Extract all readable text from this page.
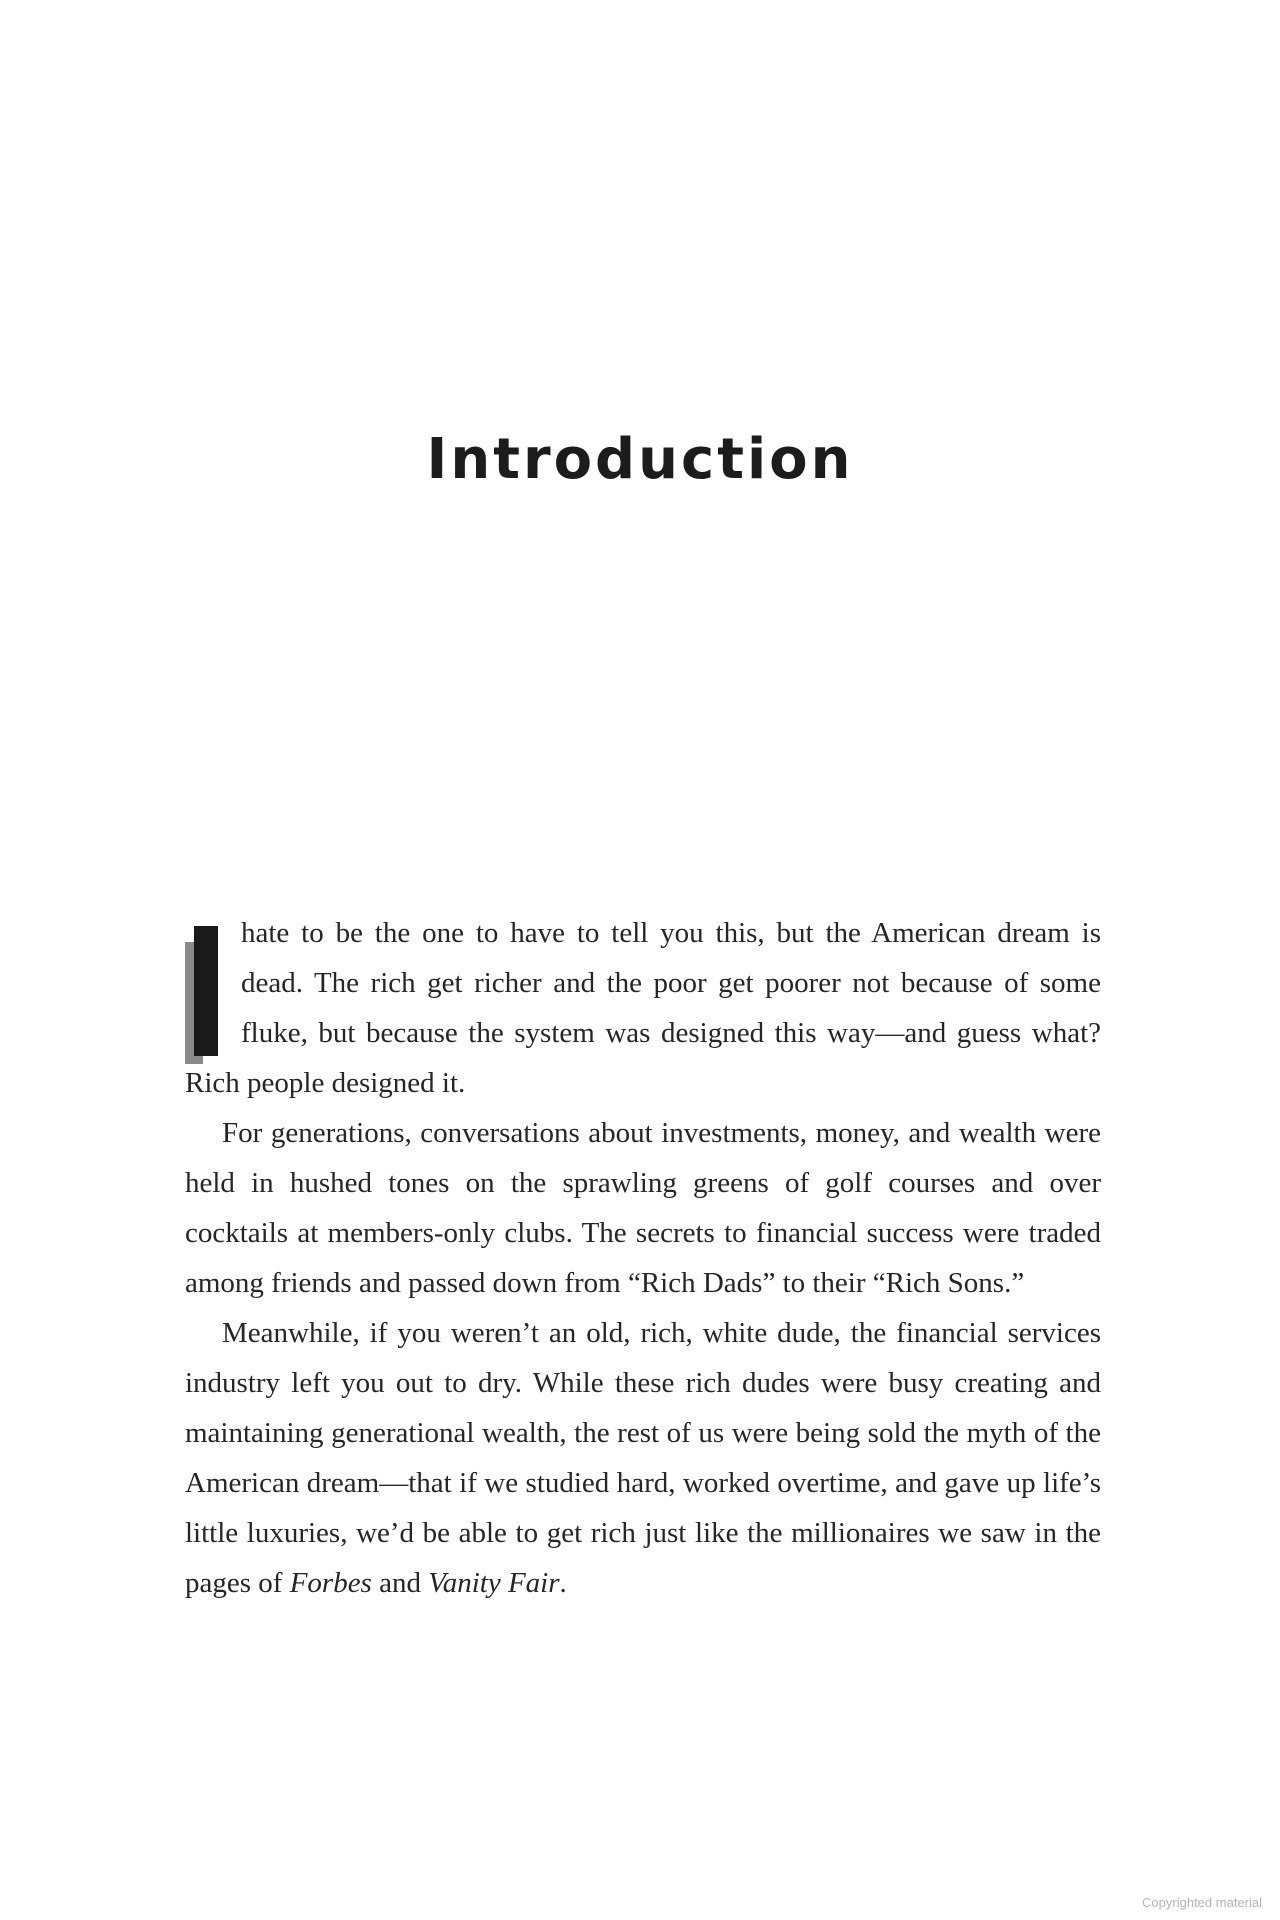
Introduction

hate to be the one to have to tell you this, but the American dream is dead. The rich get richer and the poor get poorer not because of some fluke, but because the system was designed this way—and guess what? Rich people designed it.

For generations, conversations about investments, money, and wealth were held in hushed tones on the sprawling greens of golf courses and over cocktails at members-only clubs. The secrets to financial success were traded among friends and passed down from “Rich Dads” to their “Rich Sons.”

Meanwhile, if you weren’t an old, rich, white dude, the financial services industry left you out to dry. While these rich dudes were busy creating and maintaining generational wealth, the rest of us were being sold the myth of the American dream—that if we studied hard, worked overtime, and gave up life’s little luxuries, we’d be able to get rich just like the millionaires we saw in the pages of Forbes and Vanity Fair.

Copyrighted material
